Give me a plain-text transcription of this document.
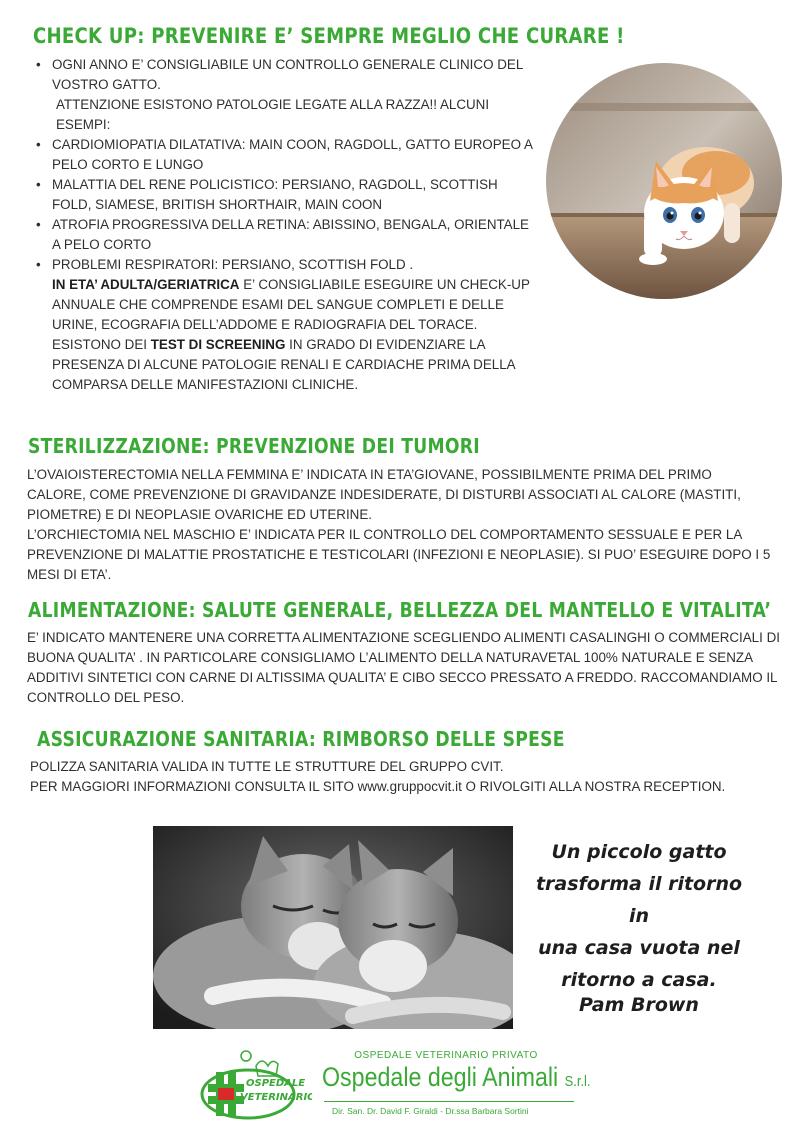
CHECK UP: PREVENIRE E’ SEMPRE MEGLIO CHE CURARE !
• OGNI ANNO E’ CONSIGLIABILE UN CONTROLLO GENERALE CLINICO DEL VOSTRO GATTO.
ATTENZIONE ESISTONO PATOLOGIE LEGATE ALLA RAZZA!! ALCUNI ESEMPI:
• CARDIOMIOPATIA DILATATIVA: MAIN COON, RAGDOLL, GATTO EUROPEO A PELO CORTO E LUNGO
• MALATTIA DEL RENE POLICISTICO: PERSIANO, RAGDOLL, SCOTTISH FOLD, SIAMESE, BRITISH SHORTHAIR, MAIN COON
• ATROFIA PROGRESSIVA DELLA RETINA: ABISSINO, BENGALA, ORIENTALE A PELO CORTO
• PROBLEMI RESPIRATORI: PERSIANO, SCOTTISH FOLD .
IN ETA’ ADULTA/GERIATRICA E’ CONSIGLIABILE ESEGUIRE UN CHECK-UP ANNUALE CHE COMPRENDE ESAMI DEL SANGUE COMPLETI E DELLE URINE, ECOGRAFIA DELL’ADDOME E RADIOGRAFIA DEL TORACE. ESISTONO DEI TEST DI SCREENING IN GRADO DI EVIDENZIARE LA PRESENZA DI ALCUNE PATOLOGIE RENALI E CARDIACHE PRIMA DELLA COMPARSA DELLE MANIFESTAZIONI CLINICHE.
STERILIZZAZIONE: PREVENZIONE DEI TUMORI
L’OVAIOISTERECTOMIA NELLA FEMMINA E’ INDICATA IN ETA’GIOVANE, POSSIBILMENTE PRIMA DEL PRIMO CALORE, COME PREVENZIONE DI GRAVIDANZE INDESIDERATE, DI DISTURBI ASSOCIATI AL CALORE (MASTITI, PIOMETRE) E DI NEOPLASIE OVARICHE ED UTERINE.
L’ORCHIECTOMIA NEL MASCHIO E’ INDICATA PER IL CONTROLLO DEL COMPORTAMENTO SESSUALE E PER LA PREVENZIONE DI MALATTIE PROSTATICHE E TESTICOLARI (INFEZIONI E NEOPLASIE). SI PUO’ ESEGUIRE DOPO I 5 MESI DI ETA’.
ALIMENTAZIONE: SALUTE GENERALE, BELLEZZA DEL MANTELLO E VITALITA’
E’ INDICATO MANTENERE UNA CORRETTA ALIMENTAZIONE SCEGLIENDO ALIMENTI CASALINGHI O COMMERCIALI DI BUONA QUALITA’ . IN PARTICOLARE CONSIGLIAMO L’ALIMENTO DELLA NATURAVETAL 100% NATURALE E SENZA ADDITIVI SINTETICI CON CARNE DI ALTISSIMA QUALITA’ E CIBO SECCO PRESSATO A FREDDO. RACCOMANDIAMO IL CONTROLLO DEL PESO.
ASSICURAZIONE SANITARIA: RIMBORSO DELLE SPESE
POLIZZA SANITARIA VALIDA IN TUTTE LE STRUTTURE DEL GRUPPO CVIT.
PER MAGGIORI INFORMAZIONI CONSULTA IL SITO www.gruppocvit.it O RIVOLGITI ALLA NOSTRA RECEPTION.
Un piccolo gatto
trasforma il ritorno in
una casa vuota nel
ritorno a casa.
Pam Brown
OSPEDALE
VETERINARIO
OSPEDALE VETERINARIO PRIVATO
Ospedale degli Animali S.r.l.
Dir. San. Dr. David F. Giraldi - Dr.ssa Barbara Sortini
